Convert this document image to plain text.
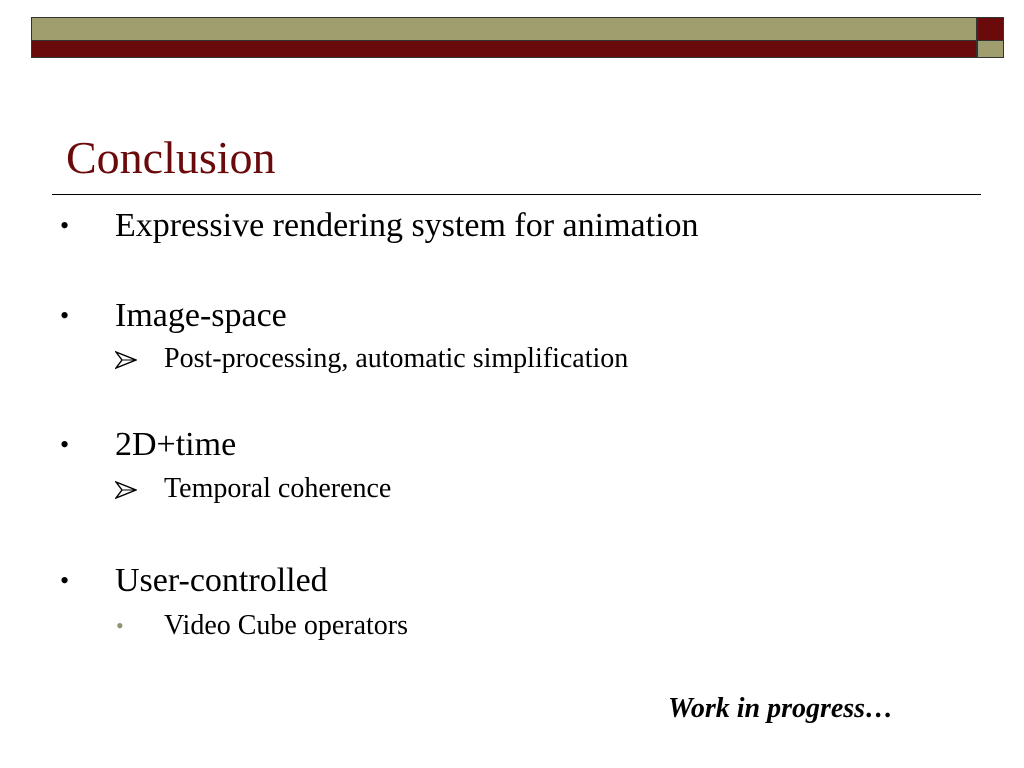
Conclusion
•	Expressive rendering system for animation
•	Image-space
Post-processing, automatic simplification
•	2D+time
Temporal coherence
•	User-controlled
• Video Cube operators
Work in progress…
